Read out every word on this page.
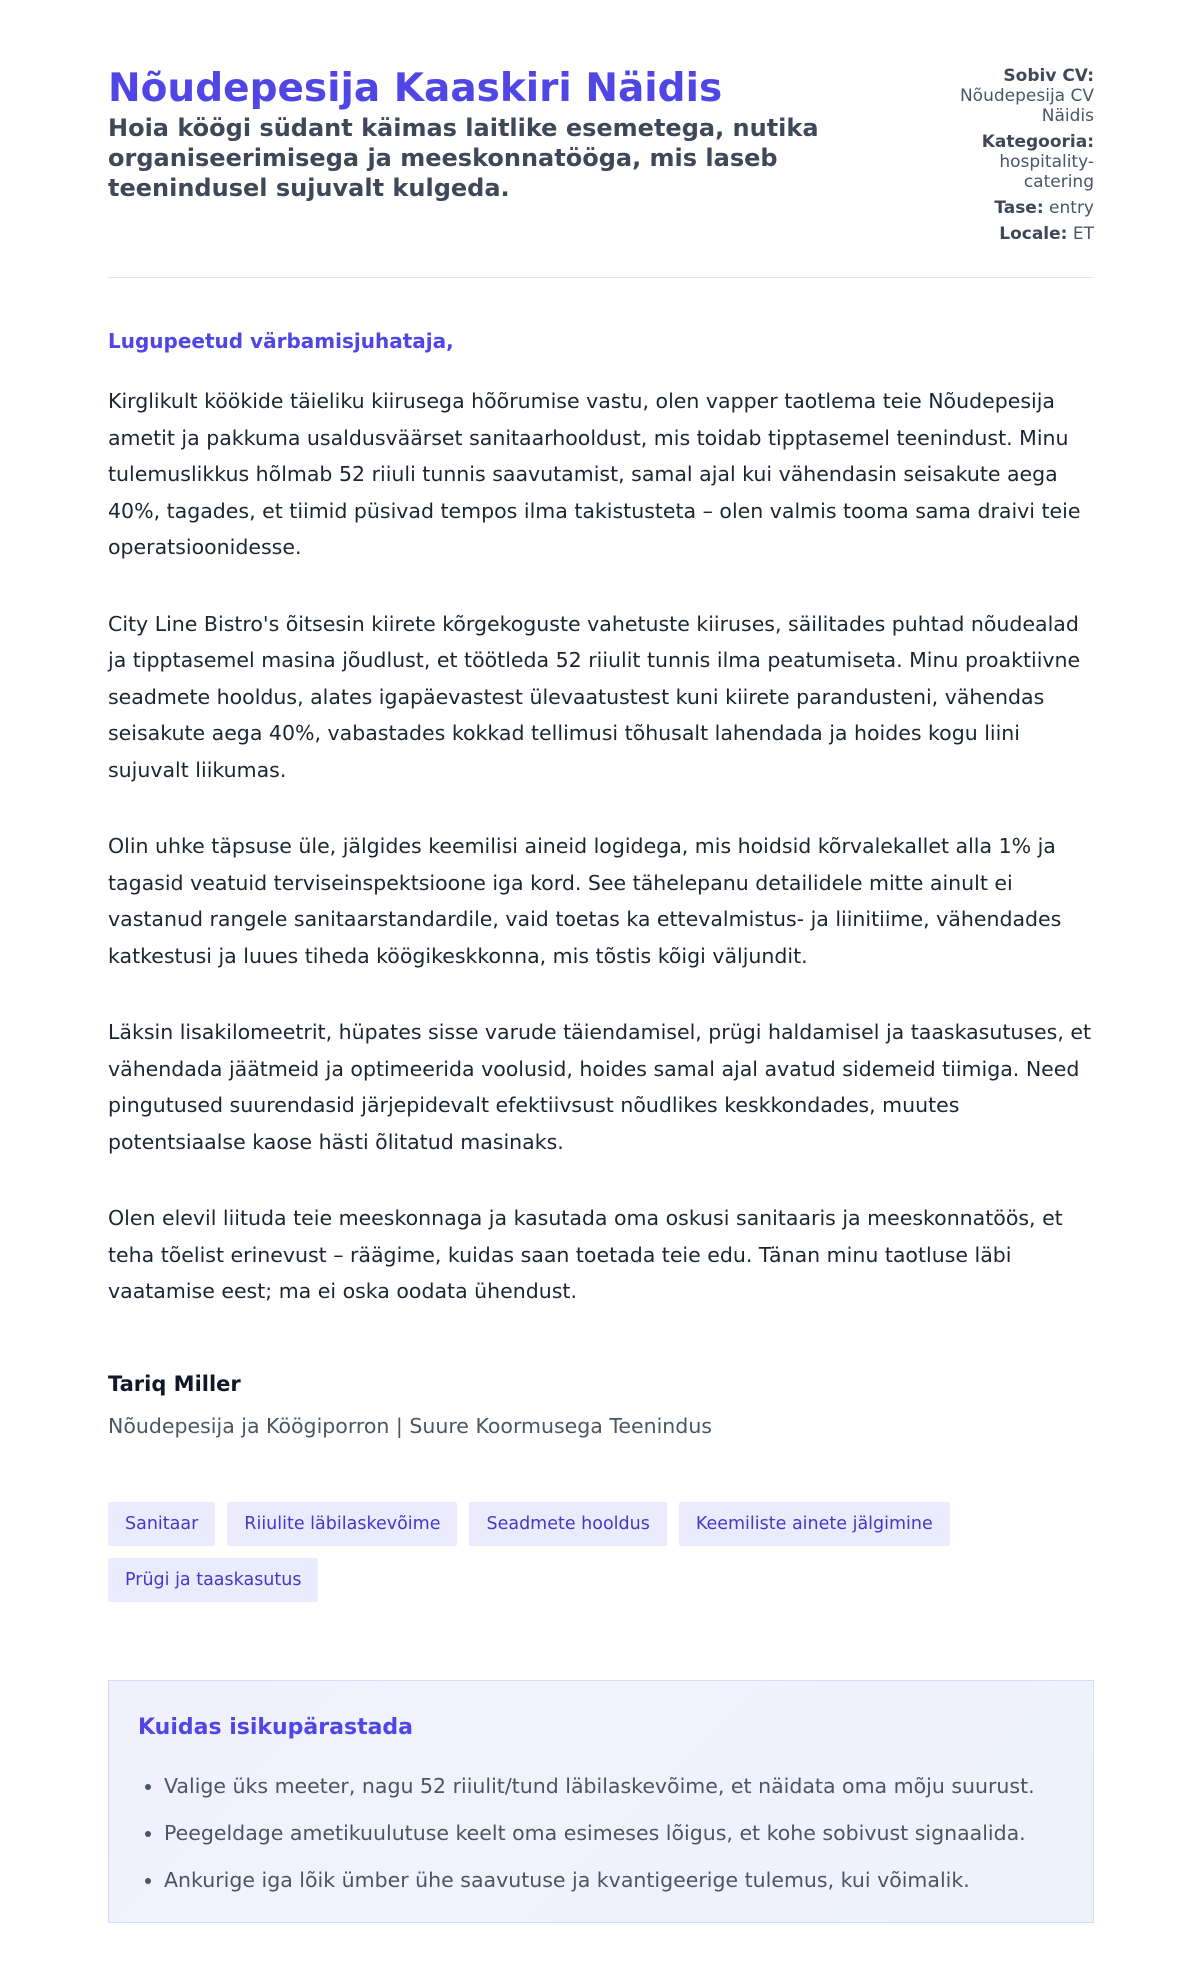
Nõudepesija Kaaskiri Näidis

Hoia köögi südant käimas laitlike esemetega, nutika organiseerimisega ja meeskonnatööga, mis laseb teenindusel sujuvalt kulgeda.

Sobiv CV:
Nõudepesija CV Näidis
Kategooria:
hospitality-catering
Tase: entry
Locale: ET

Lugupeetud värbamisjuhataja,

Kirglikult köökide täieliku kiirusega hõõrumise vastu, olen vapper taotlema teie Nõudepesija ametit ja pakkuma usaldusväärset sanitaarhooldust, mis toidab tipptasemel teenindust. Minu tulemuslikkus hõlmab 52 riiuli tunnis saavutamist, samal ajal kui vähendasin seisakute aega 40%, tagades, et tiimid püsivad tempos ilma takistusteta – olen valmis tooma sama draivi teie operatsioonidesse.

City Line Bistro's õitsesin kiirete kõrgekoguste vahetuste kiiruses, säilitades puhtad nõudealad ja tipptasemel masina jõudlust, et töötleda 52 riiulit tunnis ilma peatumiseta. Minu proaktiivne seadmete hooldus, alates igapäevastest ülevaatustest kuni kiirete parandusteni, vähendas seisakute aega 40%, vabastades kokkad tellimusi tõhusalt lahendada ja hoides kogu liini sujuvalt liikumas.

Olin uhke täpsuse üle, jälgides keemilisi aineid logidega, mis hoidsid kõrvalekallet alla 1% ja tagasid veatuid terviseinspektsioone iga kord. See tähelepanu detailidele mitte ainult ei vastanud rangele sanitaarstandardile, vaid toetas ka ettevalmistus- ja liinitiime, vähendades katkestusi ja luues tiheda köögikeskkonna, mis tõstis kõigi väljundit.

Läksin lisakilomeetrit, hüpates sisse varude täiendamisel, prügi haldamisel ja taaskasutuses, et vähendada jäätmeid ja optimeerida voolusid, hoides samal ajal avatud sidemeid tiimiga. Need pingutused suurendasid järjepidevalt efektiivsust nõudlikes keskkondades, muutes potentsiaalse kaose hästi õlitatud masinaks.

Olen elevil liituda teie meeskonnaga ja kasutada oma oskusi sanitaaris ja meeskonnatöös, et teha tõelist erinevust – räägime, kuidas saan toetada teie edu. Tänan minu taotluse läbi vaatamise eest; ma ei oska oodata ühendust.

Tariq Miller

Nõudepesija ja Köögiporron | Suure Koormusega Teenindus

Sanitaar	Riiulite läbilaskevõime	Seadmete hooldus	Keemiliste ainete jälgimine
Prügi ja taaskasutus
Kuidas isikupärastada
• Valige üks meeter, nagu 52 riiulit/tund läbilaskevõime, et näidata oma mõju suurust.
• Peegeldage ametikuulutuse keelt oma esimeses lõigus, et kohe sobivust signaalida.
• Ankurige iga lõik ümber ühe saavutuse ja kvantigeerige tulemus, kui võimalik.
